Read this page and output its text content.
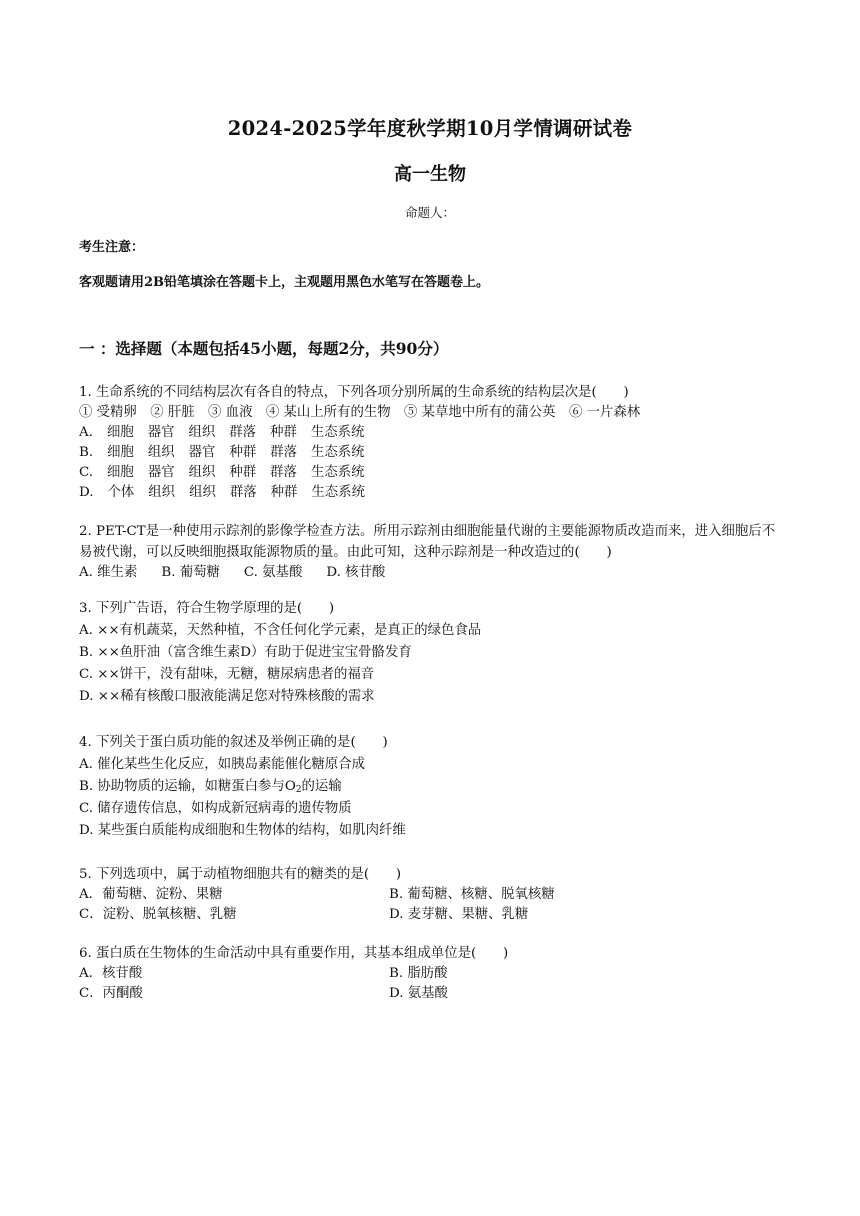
2024-2025学年度秋学期10月学情调研试卷
高一生物
命题人：
考生注意：
客观题请用2B铅笔填涂在答题卡上，主观题用黑色水笔写在答题卷上。
一 ：选择题（本题包括45小题，每题2分，共90分）
1. 生命系统的不同结构层次有各自的特点，下列各项分别所属的生命系统的结构层次是(　　)
① 受精卵　② 肝脏　③ 血液　④ 某山上所有的生物　⑤ 某草地中所有的蒲公英　⑥ 一片森林
A. 细胞 器官 组织 群落 种群 生态系统
B. 细胞 组织 器官 种群 群落 生态系统
C. 细胞 器官 组织 种群 群落 生态系统
D. 个体 组织 组织 群落 种群 生态系统
2. PET-CT是一种使用示踪剂的影像学检查方法。所用示踪剂由细胞能量代谢的主要能源物质改造而来，进入细胞后不易被代谢，可以反映细胞摄取能源物质的量。由此可知，这种示踪剂是一种改造过的(　　)
A. 维生素 B. 葡萄糖 C. 氨基酸 D. 核苷酸
3. 下列广告语，符合生物学原理的是(　　)
A. ××有机蔬菜，天然种植，不含任何化学元素，是真正的绿色食品
B. ××鱼肝油（富含维生素D）有助于促进宝宝骨骼发育
C. ××饼干，没有甜味，无糖，糖尿病患者的福音
D. ××稀有核酸口服液能满足您对特殊核酸的需求
4. 下列关于蛋白质功能的叙述及举例正确的是(　　)
A. 催化某些生化反应，如胰岛素能催化糖原合成
B. 协助物质的运输，如糖蛋白参与$O_2$的运输
C. 储存遗传信息，如构成新冠病毒的遗传物质
D. 某些蛋白质能构成细胞和生物体的结构，如肌肉纤维
5. 下列选项中，属于动植物细胞共有的糖类的是(　　)
A．葡萄糖、淀粉、果糖	B. 葡萄糖、核糖、脱氧核糖
C．淀粉、脱氧核糖、乳糖	D. 麦芽糖、果糖、乳糖
6. 蛋白质在生物体的生命活动中具有重要作用，其基本组成单位是(　　)
A．核苷酸	B. 脂肪酸
C．丙酮酸	D. 氨基酸
